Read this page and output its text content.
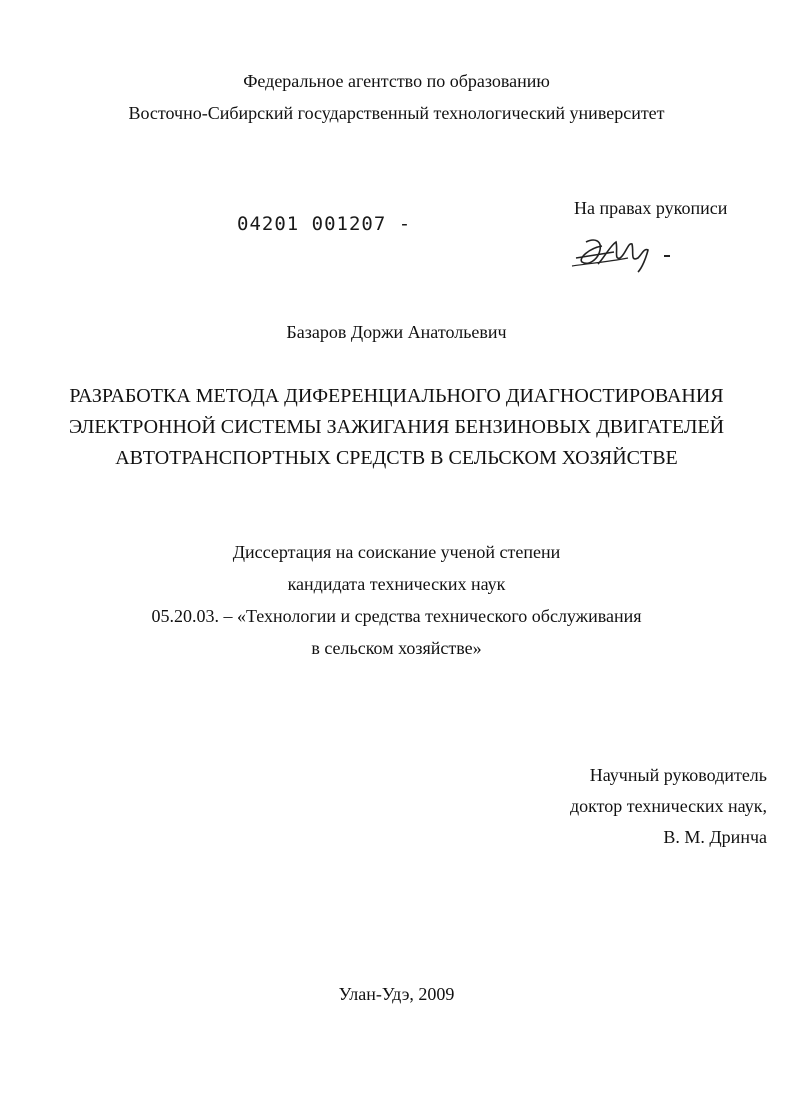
Федеральное агентство по образованию
Восточно-Сибирский государственный технологический университет
04201 001207 -
На правах рукописи
Базаров Доржи Анатольевич
РАЗРАБОТКА МЕТОДА ДИФЕРЕНЦИАЛЬНОГО ДИАГНОСТИРОВАНИЯ
ЭЛЕКТРОННОЙ СИСТЕМЫ ЗАЖИГАНИЯ БЕНЗИНОВЫХ ДВИГАТЕЛЕЙ
АВТОТРАНСПОРТНЫХ СРЕДСТВ В СЕЛЬСКОМ ХОЗЯЙСТВЕ
Диссертация на соискание ученой степени
кандидата технических наук
05.20.03. – «Технологии и средства технического обслуживания
в сельском хозяйстве»
Научный руководитель
доктор технических наук,
В. М. Дринча
Улан-Удэ, 2009
